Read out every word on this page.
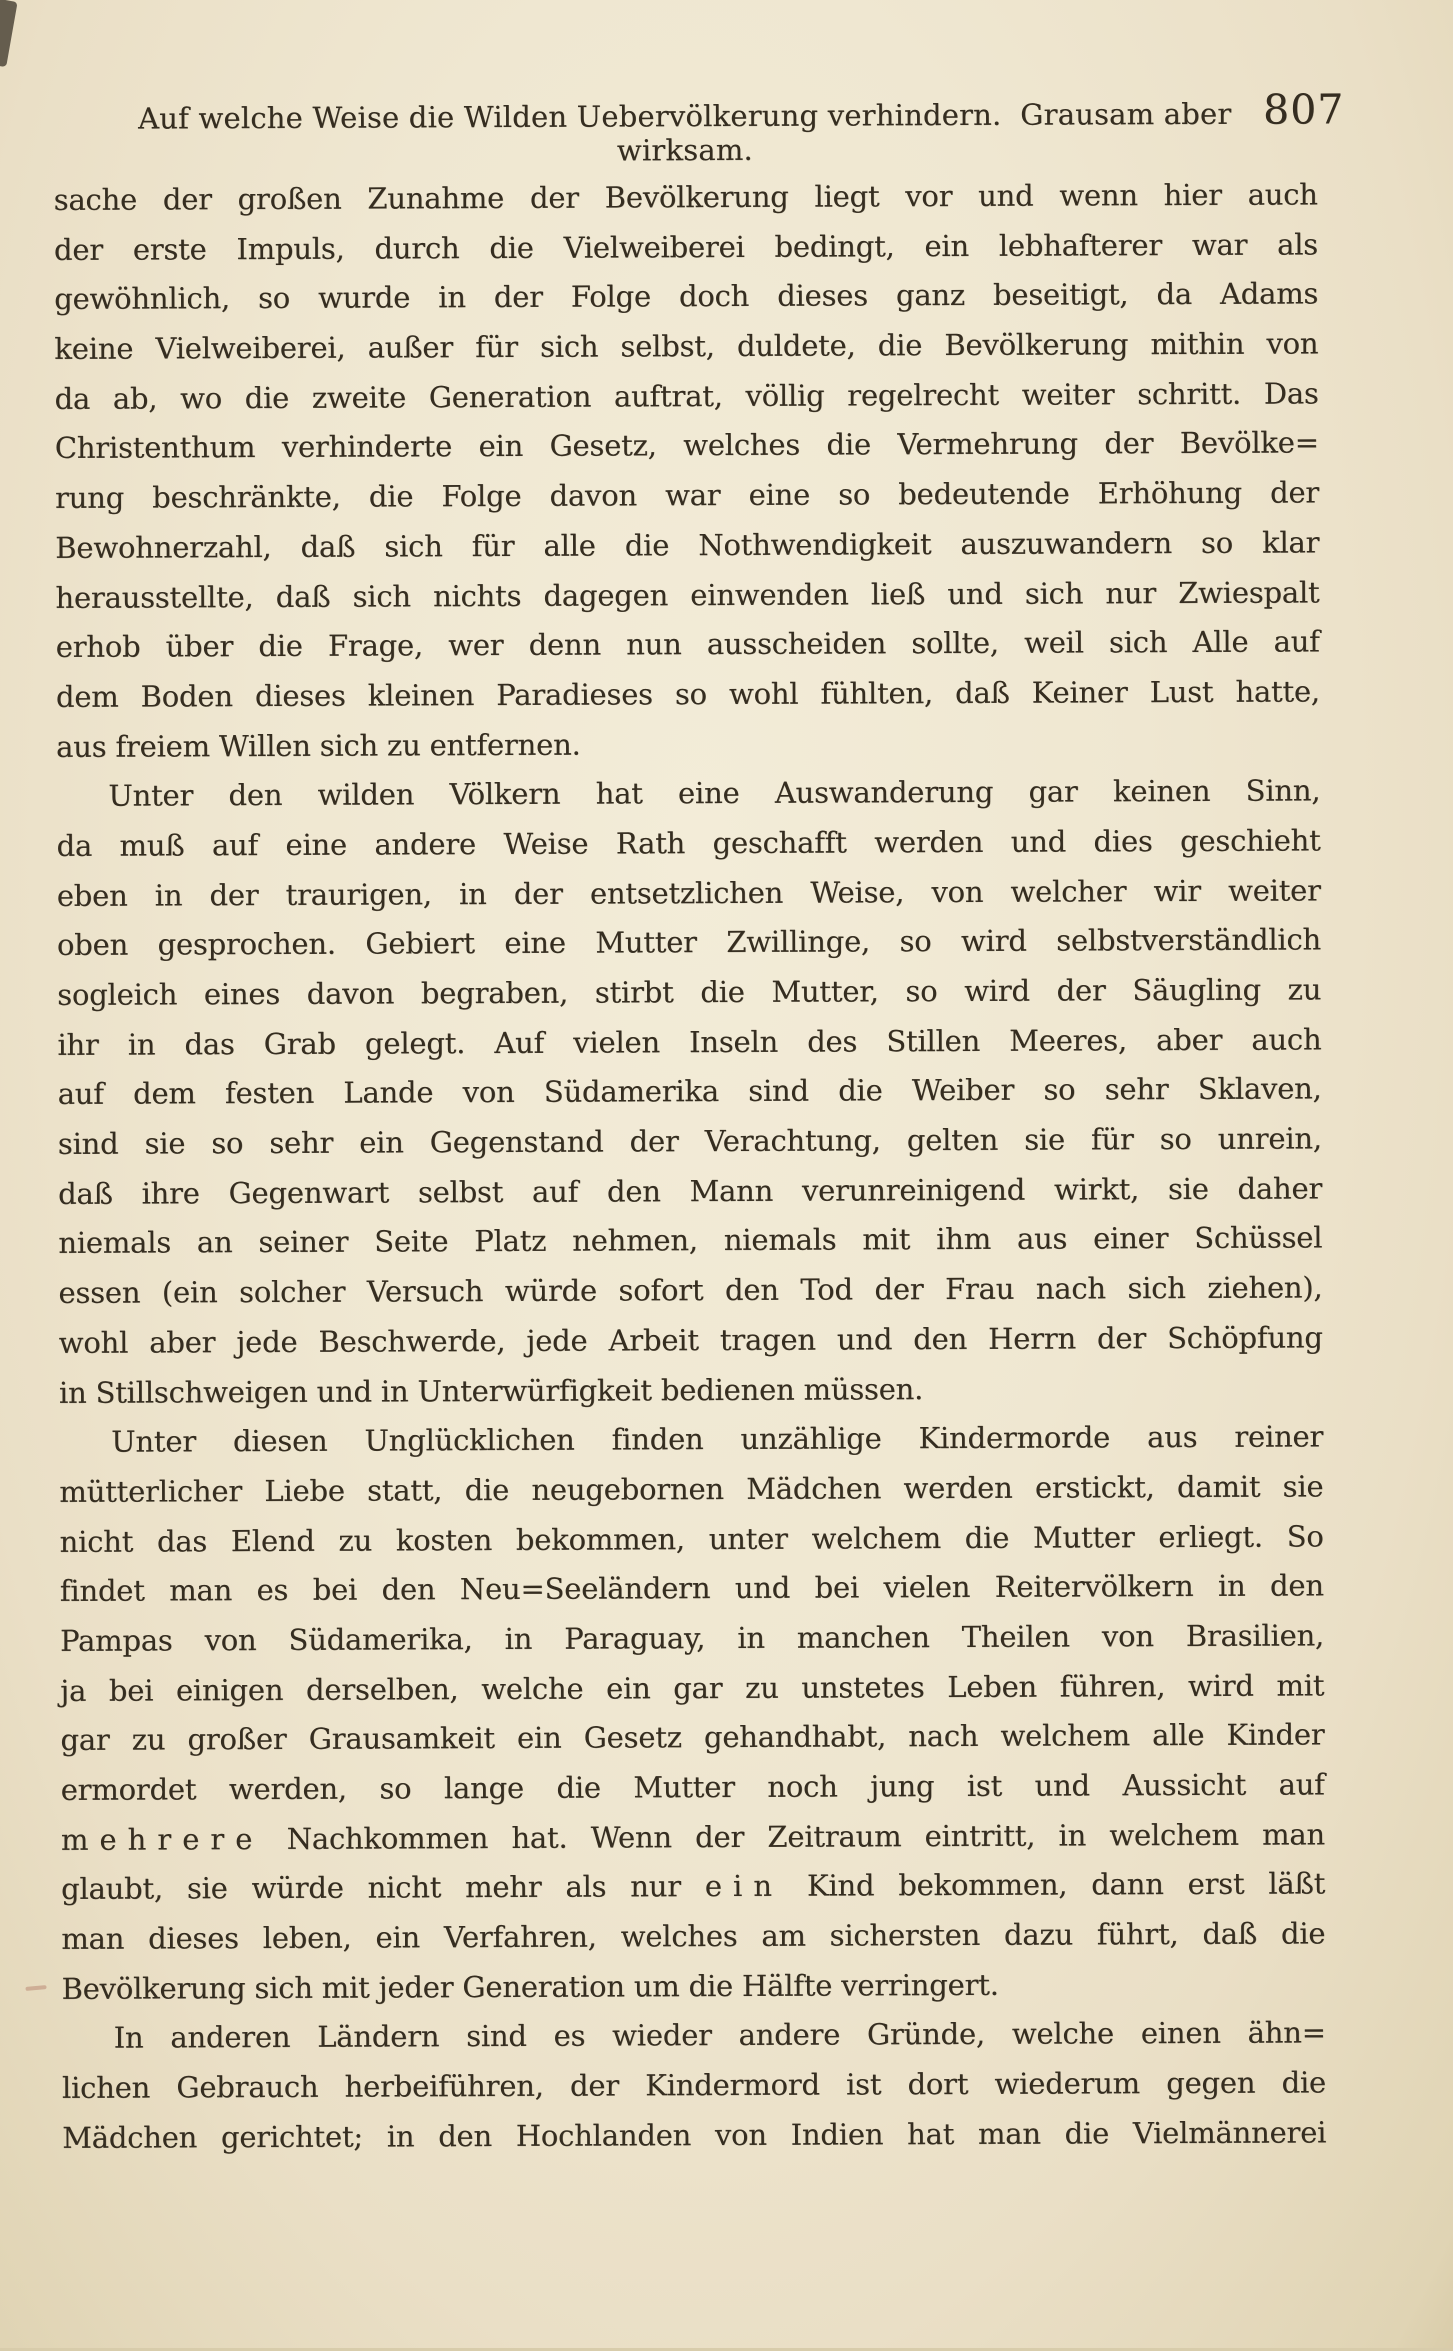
Auf welche Weise die Wilden Uebervölkerung verhindern.  Grausam aber wirksam.
807
sache der großen Zunahme der Bevölkerung liegt vor und wenn hier auch
der erste Impuls, durch die Vielweiberei bedingt, ein lebhafterer war als
gewöhnlich, so wurde in der Folge doch dieses ganz beseitigt, da Adams
keine Vielweiberei, außer für sich selbst, duldete, die Bevölkerung mithin von
da ab, wo die zweite Generation auftrat, völlig regelrecht weiter schritt. Das
Christenthum verhinderte ein Gesetz, welches die Vermehrung der Bevölke=
rung beschränkte, die Folge davon war eine so bedeutende Erhöhung der
Bewohnerzahl, daß sich für alle die Nothwendigkeit auszuwandern so klar
herausstellte, daß sich nichts dagegen einwenden ließ und sich nur Zwiespalt
erhob über die Frage, wer denn nun ausscheiden sollte, weil sich Alle auf
dem Boden dieses kleinen Paradieses so wohl fühlten, daß Keiner Lust hatte,
aus freiem Willen sich zu entfernen.
Unter den wilden Völkern hat eine Auswanderung gar keinen Sinn,
da muß auf eine andere Weise Rath geschafft werden und dies geschieht
eben in der traurigen, in der entsetzlichen Weise, von welcher wir weiter
oben gesprochen. Gebiert eine Mutter Zwillinge, so wird selbstverständlich
sogleich eines davon begraben, stirbt die Mutter, so wird der Säugling zu
ihr in das Grab gelegt. Auf vielen Inseln des Stillen Meeres, aber auch
auf dem festen Lande von Südamerika sind die Weiber so sehr Sklaven,
sind sie so sehr ein Gegenstand der Verachtung, gelten sie für so unrein,
daß ihre Gegenwart selbst auf den Mann verunreinigend wirkt, sie daher
niemals an seiner Seite Platz nehmen, niemals mit ihm aus einer Schüssel
essen (ein solcher Versuch würde sofort den Tod der Frau nach sich ziehen),
wohl aber jede Beschwerde, jede Arbeit tragen und den Herrn der Schöpfung
in Stillschweigen und in Unterwürfigkeit bedienen müssen.
Unter diesen Unglücklichen finden unzählige Kindermorde aus reiner
mütterlicher Liebe statt, die neugebornen Mädchen werden erstickt, damit sie
nicht das Elend zu kosten bekommen, unter welchem die Mutter erliegt. So
findet man es bei den Neu=Seeländern und bei vielen Reitervölkern in den
Pampas von Südamerika, in Paraguay, in manchen Theilen von Brasilien,
ja bei einigen derselben, welche ein gar zu unstetes Leben führen, wird mit
gar zu großer Grausamkeit ein Gesetz gehandhabt, nach welchem alle Kinder
ermordet werden, so lange die Mutter noch jung ist und Aussicht auf
mehrere Nachkommen hat. Wenn der Zeitraum eintritt, in welchem man
glaubt, sie würde nicht mehr als nur ein Kind bekommen, dann erst läßt
man dieses leben, ein Verfahren, welches am sichersten dazu führt, daß die
Bevölkerung sich mit jeder Generation um die Hälfte verringert.
In anderen Ländern sind es wieder andere Gründe, welche einen ähn=
lichen Gebrauch herbeiführen, der Kindermord ist dort wiederum gegen die
Mädchen gerichtet; in den Hochlanden von Indien hat man die Vielmännerei
